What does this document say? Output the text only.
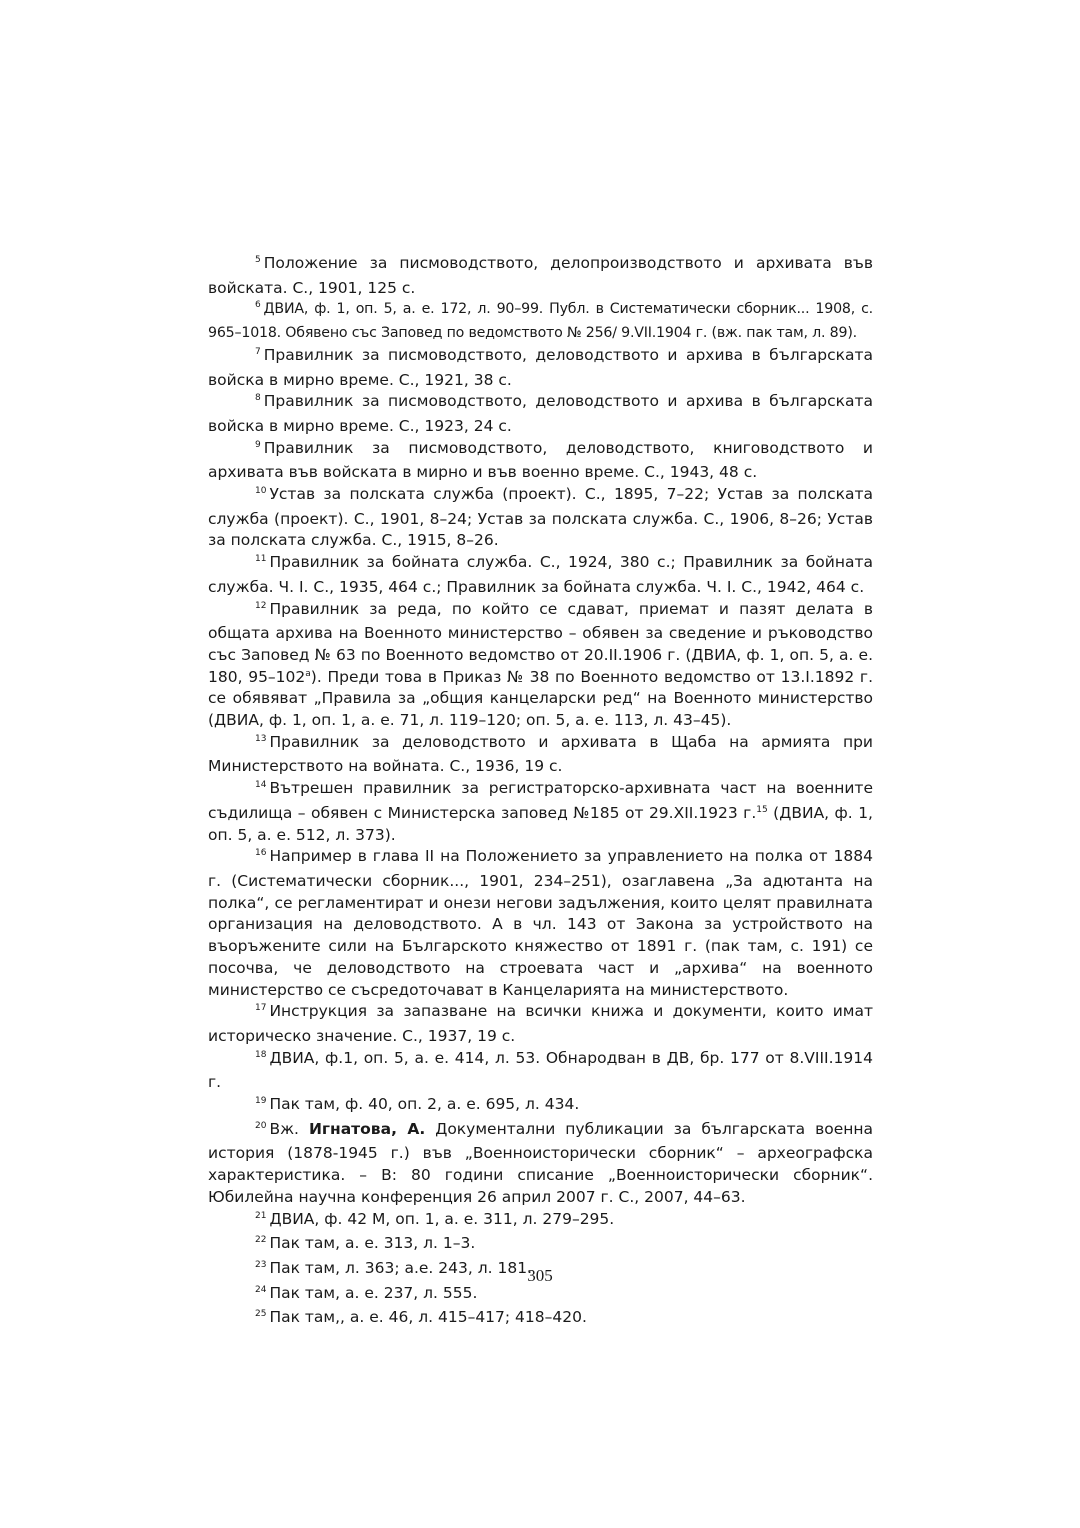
$^5$ Положение за писмоводството, делопроизводството и архивата във войската. С., 1901, 125 с.

$^6$ ДВИА, ф. 1, оп. 5, а. е. 172, л. 90–99. Публ. в Систематически сборник... 1908, с. 965–1018. Обявено със Заповед по ведомството № 256/ 9.VII.1904 г. (вж. пак там, л. 89).

$^7$ Правилник за писмоводството, деловодството и архива в българската войска в мирно време. С., 1921, 38 с.

$^8$ Правилник за писмоводството, деловодството и архива в българската войска в мирно време. С., 1923, 24 с.

$^9$ Правилник за писмоводството, деловодството, книговодството и архивата във войската в мирно и във военно време. С., 1943, 48 с.

$^{10}$ Устав за полската служба (проект). С., 1895, 7–22; Устав за полската служба (проект). С., 1901, 8–24; Устав за полската служба. С., 1906, 8–26; Устав за полската служба. С., 1915, 8–26.

$^{11}$ Правилник за бойната служба. С., 1924, 380 с.; Правилник за бойната служба. Ч. I. С., 1935, 464 с.; Правилник за бойната служба. Ч. I. С., 1942, 464 с.

$^{12}$ Правилник за реда, по който се сдават, приемат и пазят делата в общата архива на Военното министерство – обявен за сведение и ръководство със Заповед № 63 по Военното ведомство от 20.II.1906 г. (ДВИА, ф. 1, оп. 5, а. е. 180, $95-102^а$). Преди това в Приказ № 38 по Военното ведомство от 13.I.1892 г. се обявяват „Правила за „общия канцеларски ред“ на Военното министерство (ДВИА, ф. 1, оп. 1, а. е. 71, л. 119–120; оп. 5, а. е. 113, л. 43–45).

$^{13}$ Правилник за деловодството и архивата в Щаба на армията при Министерството на войната. С., 1936, 19 с.

$^{14}$ Вътрешен правилник за регистраторско-архивната част на военните съдилища – обявен с Министерска заповед №185 от 29.XII.1923 г.$^{15}$ (ДВИА, ф. 1, оп. 5, а. е. 512, л. 373).

$^{16}$ Например в глава II на Положението за управлението на полка от 1884 г. (Систематически сборник..., 1901, 234–251), озаглавена „За адютанта на полка“, се регламентират и онези негови задължения, които целят правилната организация на деловодството. А в чл. 143 от Закона за устройството на въоръжените сили на Българското княжество от 1891 г. (пак там, с. 191) се посочва, че деловодството на строевата част и „архива“ на военното министерство се съсредоточават в Канцеларията на министерството.

$^{17}$ Инструкция за запазване на всички книжа и документи, които имат историческо значение. С., 1937, 19 с.

$^{18}$ ДВИА, ф.1, оп. 5, а. е. 414, л. 53. Обнародван в ДВ, бр. 177 от 8.VIII.1914 г.

$^{19}$ Пак там, ф. 40, оп. 2, а. е. 695, л. 434.

$^{20}$ Вж. Игнатова, А. Документални публикации за българската военна история (1878-1945 г.) във „Военноисторически сборник“ – археографска характеристика. – В: 80 години списание „Военноисторически сборник“. Юбилейна научна конференция 26 април 2007 г. С., 2007, 44–63.

$^{21}$ ДВИА, ф. 42 М, оп. 1, а. е. 311, л. 279–295.

$^{22}$ Пак там, а. е. 313, л. 1–3.

$^{23}$ Пак там, л. 363; а.е. 243, л. 181.

$^{24}$ Пак там, а. е. 237, л. 555.

$^{25}$ Пак там,, а. е. 46, л. 415–417; 418–420.

305
